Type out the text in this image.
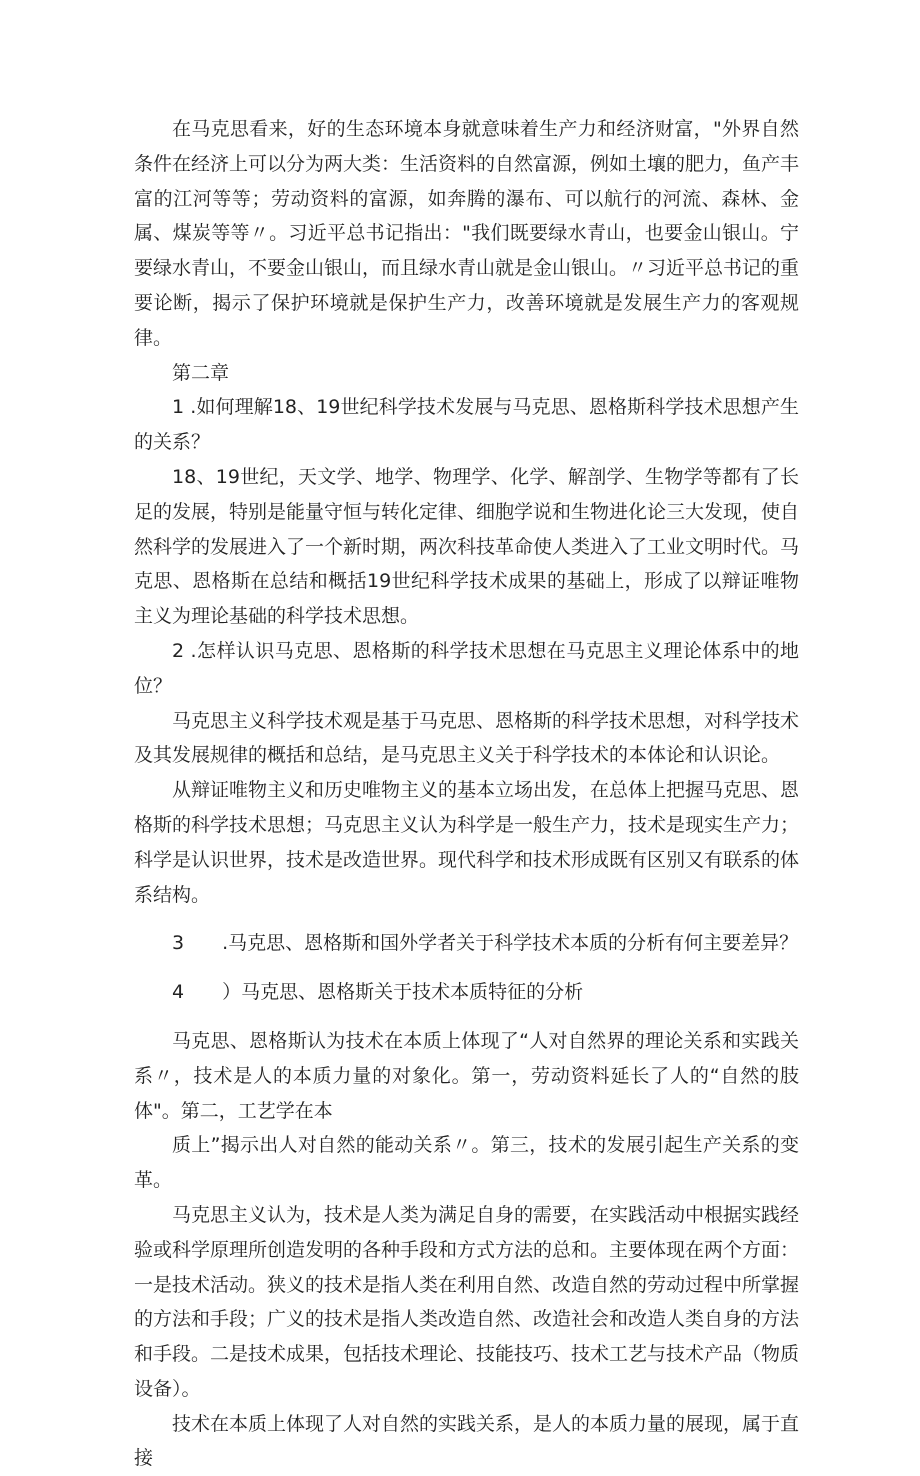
在马克思看来，好的生态环境本身就意味着生产力和经济财富，"外界自然条件在经济上可以分为两大类：生活资料的自然富源，例如土壤的肥力，鱼产丰富的江河等等；劳动资料的富源，如奔腾的瀑布、可以航行的河流、森林、金属、煤炭等等〃。习近平总书记指出："我们既要绿水青山，也要金山银山。宁要绿水青山，不要金山银山，而且绿水青山就是金山银山。〃习近平总书记的重要论断，揭示了保护环境就是保护生产力，改善环境就是发展生产力的客观规律。

第二章

1 .如何理解18、19世纪科学技术发展与马克思、恩格斯科学技术思想产生的关系？

18、19世纪，天文学、地学、物理学、化学、解剖学、生物学等都有了长足的发展，特别是能量守恒与转化定律、细胞学说和生物进化论三大发现，使自然科学的发展进入了一个新时期，两次科技革命使人类进入了工业文明时代。马克思、恩格斯在总结和概括19世纪科学技术成果的基础上，形成了以辩证唯物主义为理论基础的科学技术思想。

2 .怎样认识马克思、恩格斯的科学技术思想在马克思主义理论体系中的地位？

马克思主义科学技术观是基于马克思、恩格斯的科学技术思想，对科学技术及其发展规律的概括和总结，是马克思主义关于科学技术的本体论和认识论。

从辩证唯物主义和历史唯物主义的基本立场出发，在总体上把握马克思、恩格斯的科学技术思想；马克思主义认为科学是一般生产力，技术是现实生产力；科学是认识世界，技术是改造世界。现代科学和技术形成既有区别又有联系的体系结构。

3　　.马克思、恩格斯和国外学者关于科学技术本质的分析有何主要差异？

4　　）马克思、恩格斯关于技术本质特征的分析

马克思、恩格斯认为技术在本质上体现了“人对自然界的理论关系和实践关系〃，技术是人的本质力量的对象化。第一，劳动资料延长了人的“自然的肢体"。第二，工艺学在本

质上”揭示出人对自然的能动关系〃。第三，技术的发展引起生产关系的变革。

马克思主义认为，技术是人类为满足自身的需要，在实践活动中根据实践经验或科学原理所创造发明的各种手段和方式方法的总和。主要体现在两个方面：一是技术活动。狭义的技术是指人类在利用自然、改造自然的劳动过程中所掌握的方法和手段；广义的技术是指人类改造自然、改造社会和改造人类自身的方法和手段。二是技术成果，包括技术理论、技能技巧、技术工艺与技术产品（物质设备）。

技术在本质上体现了人对自然的实践关系，是人的本质力量的展现，属于直接
